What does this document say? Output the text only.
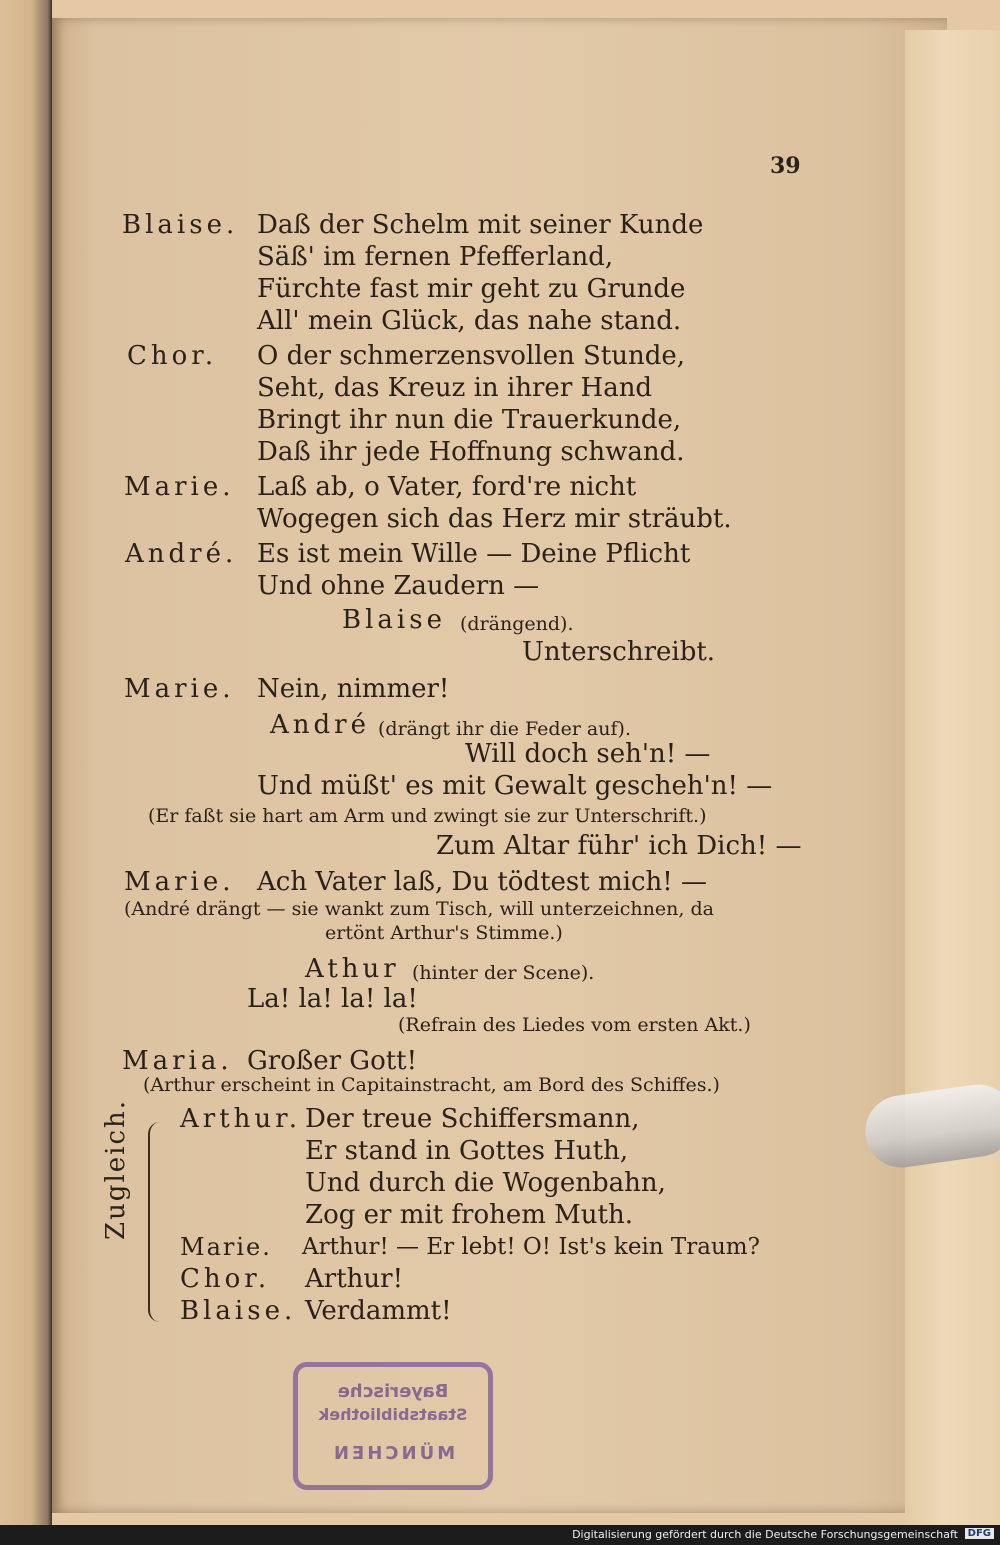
39
Blaise. Daß der Schelm mit seiner Kunde
Säß' im fernen Pfefferland,
Fürchte fast mir geht zu Grunde
All' mein Glück, das nahe stand.
Chor. O der schmerzensvollen Stunde,
Seht, das Kreuz in ihrer Hand
Bringt ihr nun die Trauerkunde,
Daß ihr jede Hoffnung schwand.
Marie. Laß ab, o Vater, ford're nicht
Wogegen sich das Herz mir sträubt.
André. Es ist mein Wille — Deine Pflicht
Und ohne Zaudern —
Blaise (drängend).
Unterschreibt.
Marie. Nein, nimmer!
André (drängt ihr die Feder auf).
Will doch seh'n! —
Und müßt' es mit Gewalt gescheh'n! —
(Er faßt sie hart am Arm und zwingt sie zur Unterschrift.)
Zum Altar führ' ich Dich! —
Marie. Ach Vater laß, Du tödtest mich! —
(André drängt — sie wankt zum Tisch, will unterzeichnen, da
ertönt Arthur's Stimme.)
Athur (hinter der Scene).
La! la! la! la!
(Refrain des Liedes vom ersten Akt.)
Maria. Großer Gott!
(Arthur erscheint in Capitainstracht, am Bord des Schiffes.)
Zugleich. Arthur. Der treue Schiffersmann,
Er stand in Gottes Huth,
Und durch die Wogenbahn,
Zog er mit frohem Muth.
Marie. Arthur! — Er lebt! O! Ist's kein Traum?
Chor. Arthur!
Blaise. Verdammt!
Bayerische
Staatsbibliothek
MÜNCHEN
Digitalisierung gefördert durch die Deutsche Forschungsgemeinschaft DFG
